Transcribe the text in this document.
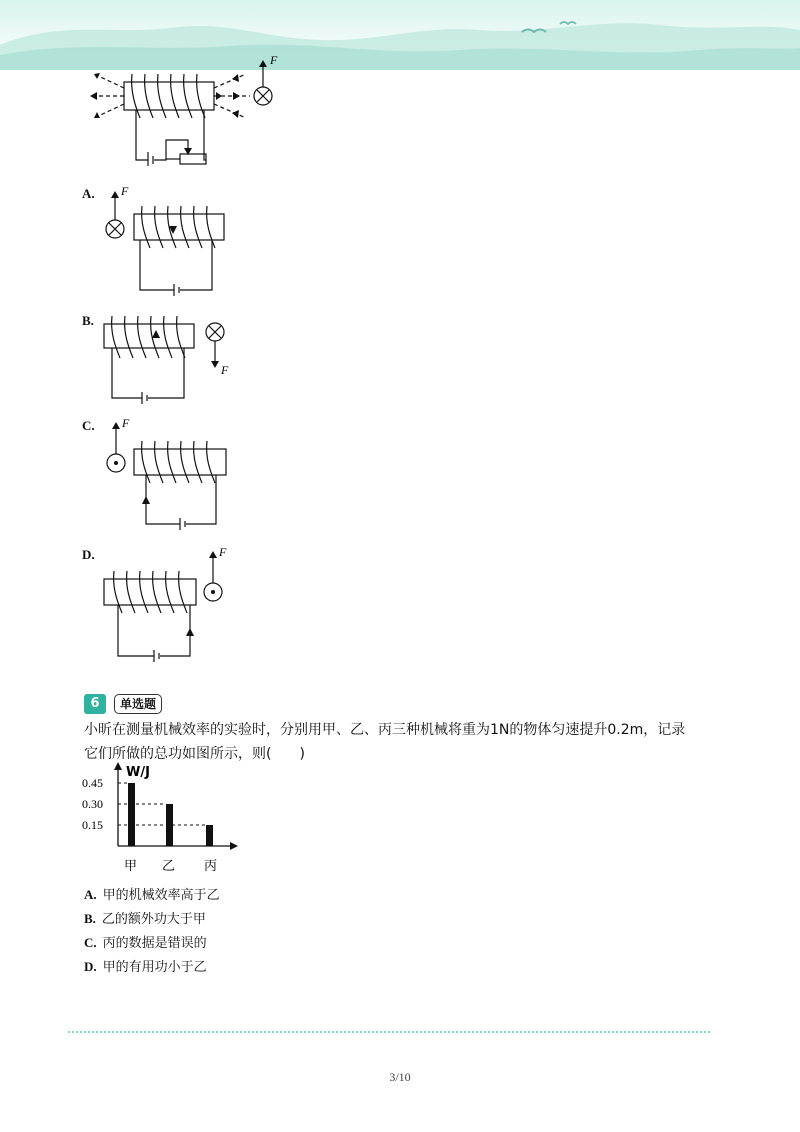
F
A. F
B.
F
C. F
D.	F
6	单选题
小昕在测量机械效率的实验时，分别用甲、乙、丙三种机械将重为1N的物体匀速提升0.2m，记录
它们所做的总功如图所示，则(　　)
W/J
0.45
甲
0.30
乙
0.15
丙
A. 甲的机械效率高于乙
B. 乙的额外功大于甲
C. 丙的数据是错误的
D. 甲的有用功小于乙
3/10
